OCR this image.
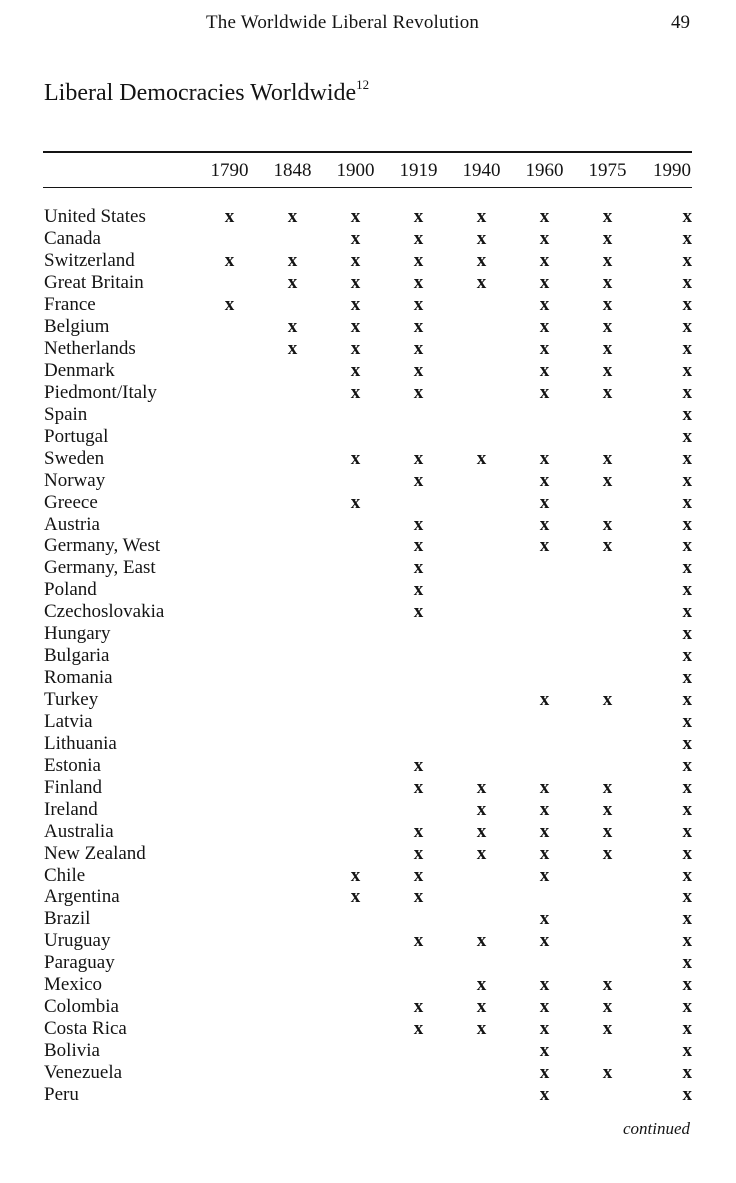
The Worldwide Liberal Revolution	49
Liberal Democracies Worldwide$^{12}$
	1790	1848	1900	1919	1940	1960	1975	1990

United States	x	x	x	x	x	x	x	x
Canada			x	x	x	x	x	x
Switzerland	x	x	x	x	x	x	x	x
Great Britain		x	x	x	x	x	x	x
France	x		x	x		x	x	x
Belgium		x	x	x		x	x	x
Netherlands		x	x	x		x	x	x
Denmark			x	x		x	x	x
Piedmont/Italy			x	x		x	x	x
Spain								x
Portugal								x
Sweden			x	x	x	x	x	x
Norway				x		x	x	x
Greece			x			x		x
Austria				x		x	x	x
Germany, West				x		x	x	x
Germany, East				x				x
Poland				x				x
Czechoslovakia				x				x
Hungary								x
Bulgaria								x
Romania								x
Turkey						x	x	x
Latvia								x
Lithuania								x
Estonia				x				x
Finland				x	x	x	x	x
Ireland					x	x	x	x
Australia				x	x	x	x	x
New Zealand				x	x	x	x	x
Chile			x	x		x		x
Argentina			x	x				x
Brazil						x		x
Uruguay				x	x	x		x
Paraguay								x
Mexico					x	x	x	x
Colombia				x	x	x	x	x
Costa Rica				x	x	x	x	x
Bolivia						x		x
Venezuela						x	x	x
Peru						x		x
continued
